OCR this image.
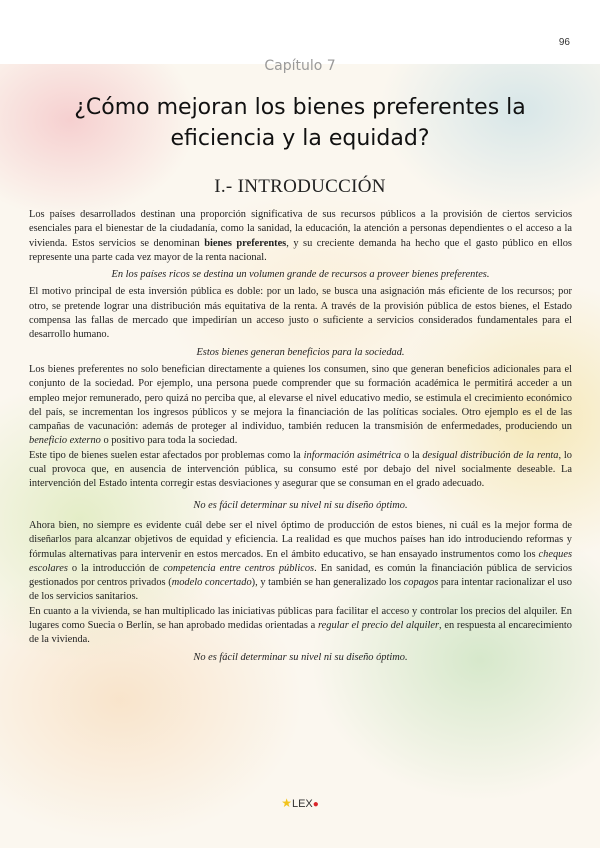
96
Capítulo 7
¿Cómo mejoran los bienes preferentes la eficiencia y la equidad?
I.- INTRODUCCIÓN

Los países desarrollados destinan una proporción significativa de sus recursos públicos a la provisión de ciertos servicios esenciales para el bienestar de la ciudadanía, como la sanidad, la educación, la atención a personas dependientes o el acceso a la vivienda. Estos servicios se denominan bienes preferentes, y su creciente demanda ha hecho que el gasto público en ellos represente una parte cada vez mayor de la renta nacional.

En los países ricos se destina un volumen grande de recursos a proveer bienes preferentes.

El motivo principal de esta inversión pública es doble: por un lado, se busca una asignación más eficiente de los recursos; por otro, se pretende lograr una distribución más equitativa de la renta. A través de la provisión pública de estos bienes, el Estado compensa las fallas de mercado que impedirían un acceso justo o suficiente a servicios considerados fundamentales para el desarrollo humano.

Estos bienes generan beneficios para la sociedad.

Los bienes preferentes no solo benefician directamente a quienes los consumen, sino que generan beneficios adicionales para el conjunto de la sociedad. Por ejemplo, una persona puede comprender que su formación académica le permitirá acceder a un empleo mejor remunerado, pero quizá no perciba que, al elevarse el nivel educativo medio, se estimula el crecimiento económico del país, se incrementan los ingresos públicos y se mejora la financiación de las políticas sociales. Otro ejemplo es el de las campañas de vacunación: además de proteger al individuo, también reducen la transmisión de enfermedades, produciendo un beneficio externo o positivo para toda la sociedad.

Este tipo de bienes suelen estar afectados por problemas como la información asimétrica o la desigual distribución de la renta, lo cual provoca que, en ausencia de intervención pública, su consumo esté por debajo del nivel socialmente deseable. La intervención del Estado intenta corregir estas desviaciones y asegurar que se consuman en el grado adecuado.

No es fácil determinar su nivel ni su diseño óptimo.

Ahora bien, no siempre es evidente cuál debe ser el nivel óptimo de producción de estos bienes, ni cuál es la mejor forma de diseñarlos para alcanzar objetivos de equidad y eficiencia. La realidad es que muchos países han ido introduciendo reformas y fórmulas alternativas para intervenir en estos mercados. En el ámbito educativo, se han ensayado instrumentos como los cheques escolares o la introducción de competencia entre centros públicos. En sanidad, es común la financiación pública de servicios gestionados por centros privados (modelo concertado), y también se han generalizado los copagos para intentar racionalizar el uso de los servicios sanitarios.

En cuanto a la vivienda, se han multiplicado las iniciativas públicas para facilitar el acceso y controlar los precios del alquiler. En lugares como Suecia o Berlín, se han aprobado medidas orientadas a regular el precio del alquiler, en respuesta al encarecimiento de la vivienda.

No es fácil determinar su nivel ni su diseño óptimo.

★LEX●
